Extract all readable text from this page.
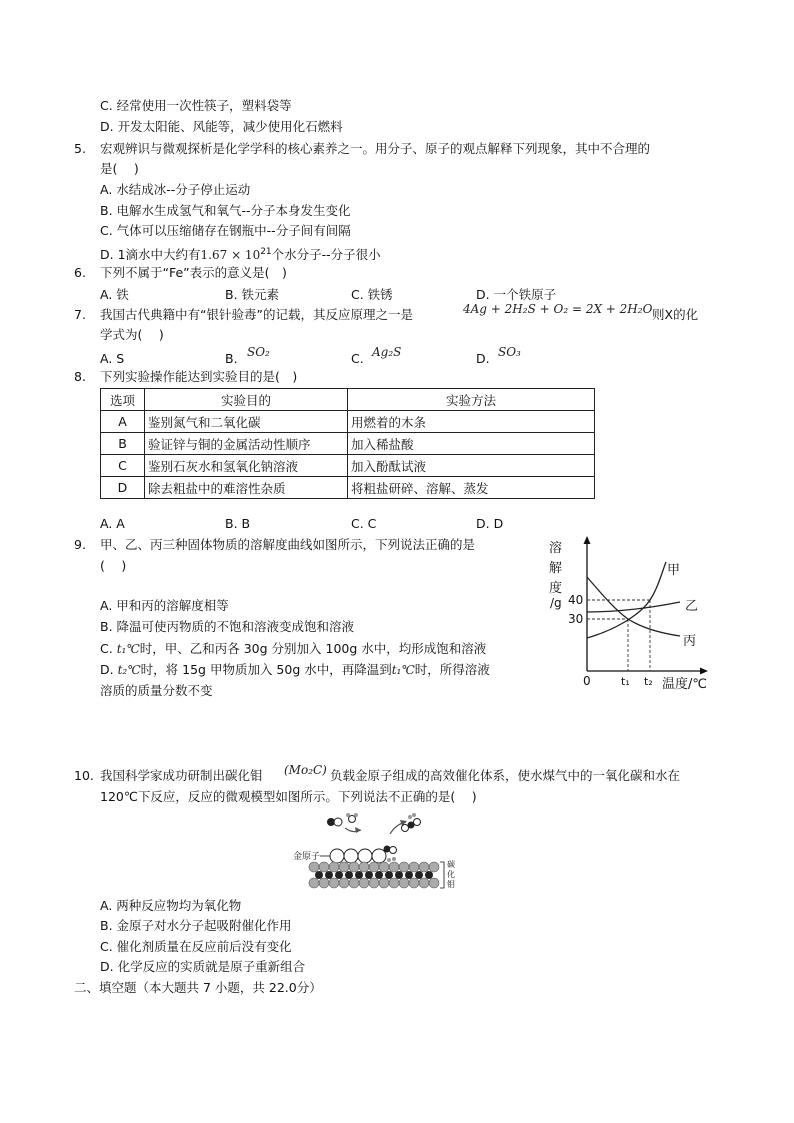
C. 经常使用一次性筷子，塑料袋等
D. 开发太阳能、风能等，减少使用化石燃料
5. 宏观辨识与微观探析是化学学科的核心素养之一。用分子、原子的观点解释下列现象，其中不合理的
是(　 )
A. 水结成冰--分子停止运动
B. 电解水生成氢气和氧气--分子本身发生变化
C. 气体可以压缩储存在钢瓶中--分子间有间隔
D. 1滴水中大约有$1.67 \times 10^{21}$个水分子--分子很小
6. 下列不属于“Fe”表示的意义是(　)
A. 铁	B. 铁元素	C. 铁锈	D. 一个铁原子
7. 我国古代典籍中有“银针验毒”的记载，其反应原理之一是	4Ag + 2H₂S + O₂ = 2X + 2H₂O 则X的化
学式为(　 )
A. S	B. SO₂	C. Ag₂S	D. SO₃
8. 下列实验操作能达到实验目的是(　)
选项	实验目的	实验方法
A	鉴别氮气和二氧化碳	用燃着的木条
B	验证锌与铜的金属活动性顺序	加入稀盐酸
C	鉴别石灰水和氢氧化钠溶液	加入酚酞试液
D	除去粗盐中的难溶性杂质	将粗盐研碎、溶解、蒸发
A. A	B. B	C. C	D. D
9. 甲、乙、丙三种固体物质的溶解度曲线如图所示，下列说法正确的是
(　 )
A. 甲和丙的溶解度相等
B. 降温可使丙物质的不饱和溶液变成饱和溶液
C. t₁℃时，甲、乙和丙各 30g 分别加入 100g 水中，均形成饱和溶液
D. t₂℃时，将 15g 甲物质加入 50g 水中，再降温到t₁℃时，所得溶液
溶质的质量分数不变
溶
解
度
/g 40
30
0	t₁ t₂ 温度/℃
甲
乙
丙
10. 我国科学家成功研制出碳化钼 (Mo₂C) 负载金原子组成的高效催化体系，使水煤气中的一氧化碳和水在
120℃下反应，反应的微观模型如图所示。下列说法不正确的是(　 )
金原子
碳
化
钼
A. 两种反应物均为氧化物
B. 金原子对水分子起吸附催化作用
C. 催化剂质量在反应前后没有变化
D. 化学反应的实质就是原子重新组合
二、填空题（本大题共 7 小题，共 22.0分）
